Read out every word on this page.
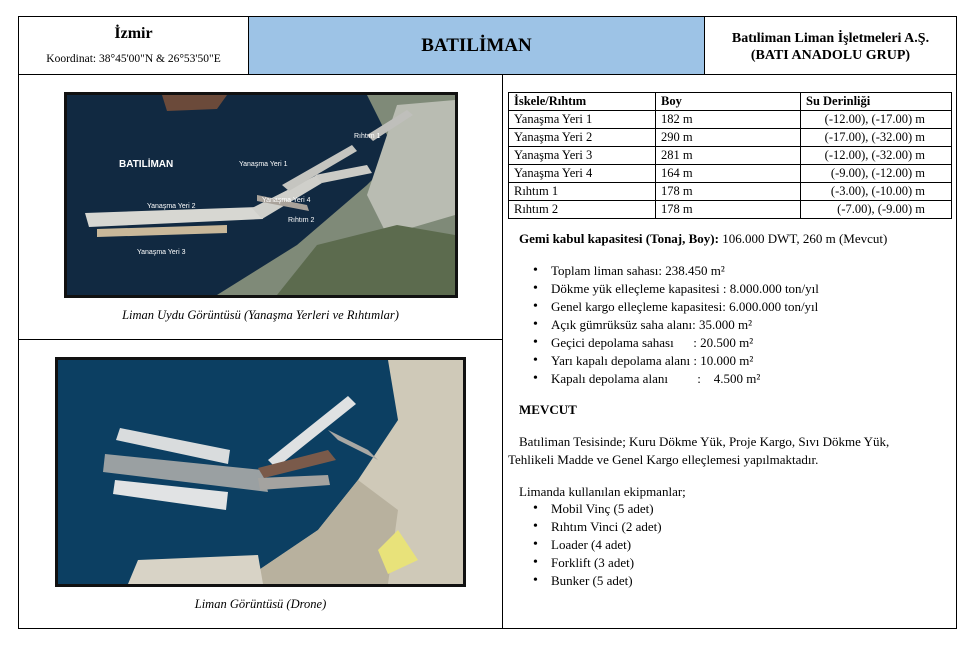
İzmir
Koordinat: 38°45'00"N & 26°53'50"E
BATILİMAN	Batıliman Liman İşletmeleri A.Ş.
(BATI ANADOLU GRUP)
BATILİMAN
Rıhtım 1
Yanaşma Yeri 1
Yanaşma Yeri 4
Rıhtım 2
Yanaşma Yeri 2
Yanaşma Yeri 3
Liman Uydu Görüntüsü (Yanaşma Yerleri ve Rıhtımlar)
Liman Görüntüsü (Drone)
İskele/Rıhtım	Boy	Su Derinliği
Yanaşma Yeri 1	182 m	(-12.00), (-17.00) m
Yanaşma Yeri 2	290 m	(-17.00), (-32.00) m
Yanaşma Yeri 3	281 m	(-12.00), (-32.00) m
Yanaşma Yeri 4	164 m	(-9.00), (-12.00) m
Rıhtım 1	178 m	(-3.00), (-10.00) m
Rıhtım 2	178 m	(-7.00), (-9.00) m
Gemi kabul kapasitesi (Tonaj, Boy): 106.000 DWT, 260 m (Mevcut)
• Toplam liman sahası: 238.450 m²
• Dökme yük elleçleme kapasitesi : 8.000.000 ton/yıl
• Genel kargo elleçleme kapasitesi: 6.000.000 ton/yıl
• Açık gümrüksüz saha alanı: 35.000 m²
• Geçici depolama sahası      : 20.500 m²
• Yarı kapalı depolama alanı : 10.000 m²
• Kapalı depolama alanı         :    4.500 m²
MEVCUT
Batıliman Tesisinde; Kuru Dökme Yük, Proje Kargo, Sıvı Dökme Yük,
Tehlikeli Madde ve Genel Kargo elleçlemesi yapılmaktadır.
Limanda kullanılan ekipmanlar;
• Mobil Vinç (5 adet)
• Rıhtım Vinci (2 adet)
• Loader (4 adet)
• Forklift (3 adet)
• Bunker (5 adet)
